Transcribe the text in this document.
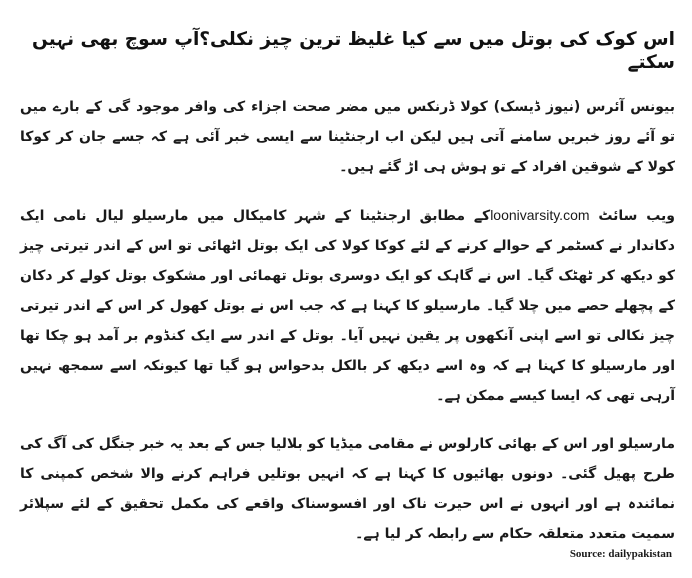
اس کوک کی بوتل میں سے کیا غلیظ ترین چیز نکلی؟آپ سوچ بھی نہیں سکتے

بیونس آئرس (نیوز ڈیسک) کولا ڈرنکس میں مضر صحت اجزاء کی وافر موجود گی کے بارے میں تو آئے روز خبریں سامنے آتی ہیں لیکن اب ارجنٹینا سے ایسی خبر آئی ہے کہ جسے جان کر کوکا کولا کے شوقین افراد کے تو ہوش ہی اڑ گئے ہیں۔

ویب سائٹ loonivarsity.comکے مطابق ارجنٹینا کے شہر کامیکال میں مارسیلو لیال نامی ایک دکاندار نے کسٹمر کے حوالے کرنے کے لئے کوکا کولا کی ایک بوتل اٹھائی تو اس کے اندر تیرتی چیز کو دیکھ کر ٹھٹک گیا۔ اس نے گاہک کو ایک دوسری بوتل تھمائی اور مشکوک بوتل کولے کر دکان کے پچھلے حصے میں چلا گیا۔ مارسیلو کا کہنا ہے کہ جب اس نے بوتل کھول کر اس کے اندر تیرتی چیز نکالی تو اسے اپنی آنکھوں پر یقین نہیں آیا۔ بوتل کے اندر سے ایک کنڈوم بر آمد ہو چکا تھا اور مارسیلو کا کہنا ہے کہ وہ اسے دیکھ کر بالکل بدحواس ہو گیا تھا کیونکہ اسے سمجھ نہیں آرہی تھی کہ ایسا کیسے ممکن ہے۔

مارسیلو اور اس کے بھائی کارلوس نے مقامی میڈیا کو بلالیا جس کے بعد یہ خبر جنگل کی آگ کی طرح پھیل گئی۔ دونوں بھائیوں کا کہنا ہے کہ انہیں بوتلیں فراہم کرنے والا شخص کمپنی کا نمائندہ ہے اور انہوں نے اس حیرت ناک اور افسوسناک واقعے کی مکمل تحقیق کے لئے سپلائر سمیت متعدد متعلقہ حکام سے رابطہ کر لیا ہے۔

Source: dailypakistan
